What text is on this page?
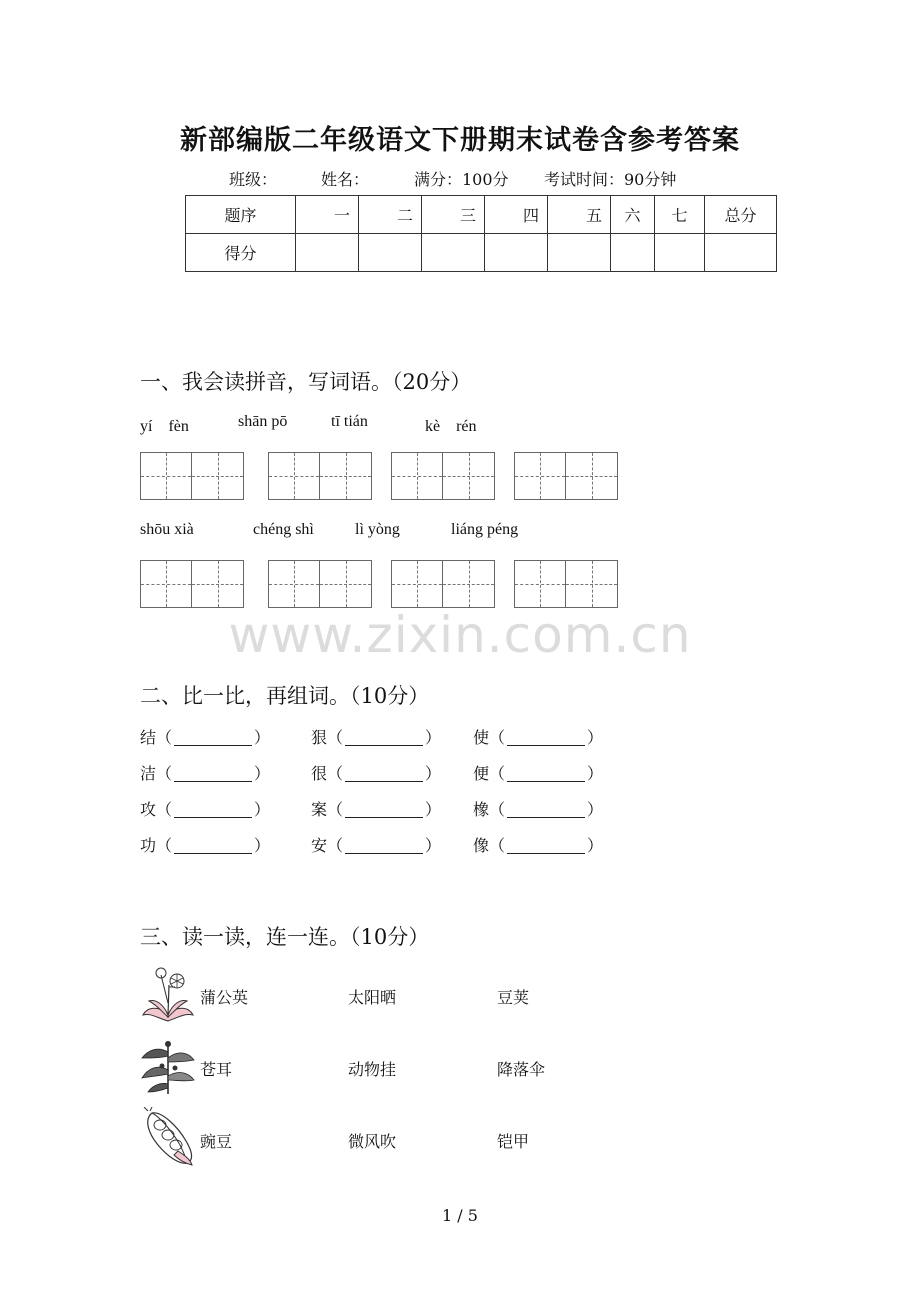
新部编版二年级语文下册期末试卷含参考答案
班级：	姓名：	满分：100分 考试时间：90分钟
题序	一	二	三	四	五	六	七	总分
得分								
一、我会读拼音，写词语。（20分）
yí　fèn	shān pō	tī tián	kè　rén
shōu xià	chéng shì	lì yòng	liáng péng
www.zixin.com.cn
二、比一比，再组词。（10分）
结（	）	狠（	） 使（	）
洁（	）	很（	） 便（	）
攻（	）	案（	） 橡（	）
功（	）	安（	） 像（	）
三、读一读，连一连。（10分）
蒲公英	太阳晒	豆荚
苍耳	动物挂	降落伞
豌豆	微风吹	铠甲
1 / 5
